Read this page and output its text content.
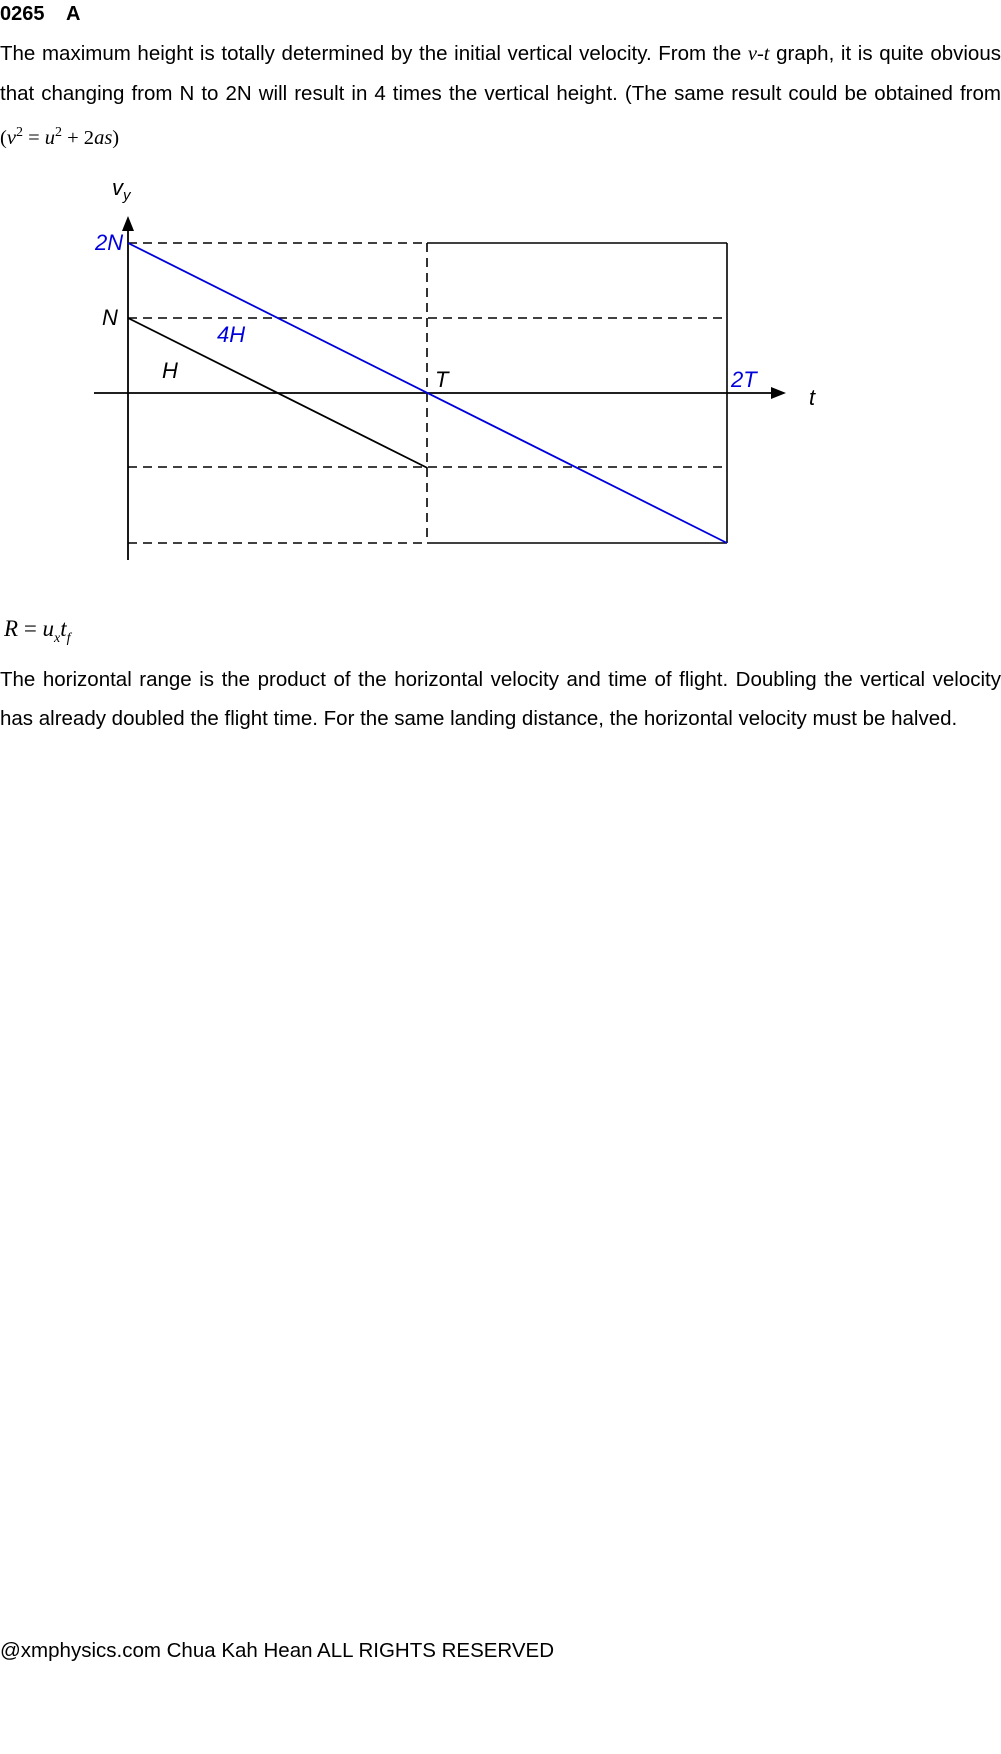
0265 A
The maximum height is totally determined by the initial vertical velocity. From the v-t graph, it is quite obvious that changing from N to 2N will result in 4 times the vertical height. (The same result could be obtained from $(v^2 = u^2 + 2as)$
$v_y$
t
2N
N
4H
H	T	2T
$R = u_xt_f$
The horizontal range is the product of the horizontal velocity and time of flight. Doubling the vertical velocity has already doubled the flight time. For the same landing distance, the horizontal velocity must be halved.
@xmphysics.com Chua Kah Hean ALL RIGHTS RESERVED
